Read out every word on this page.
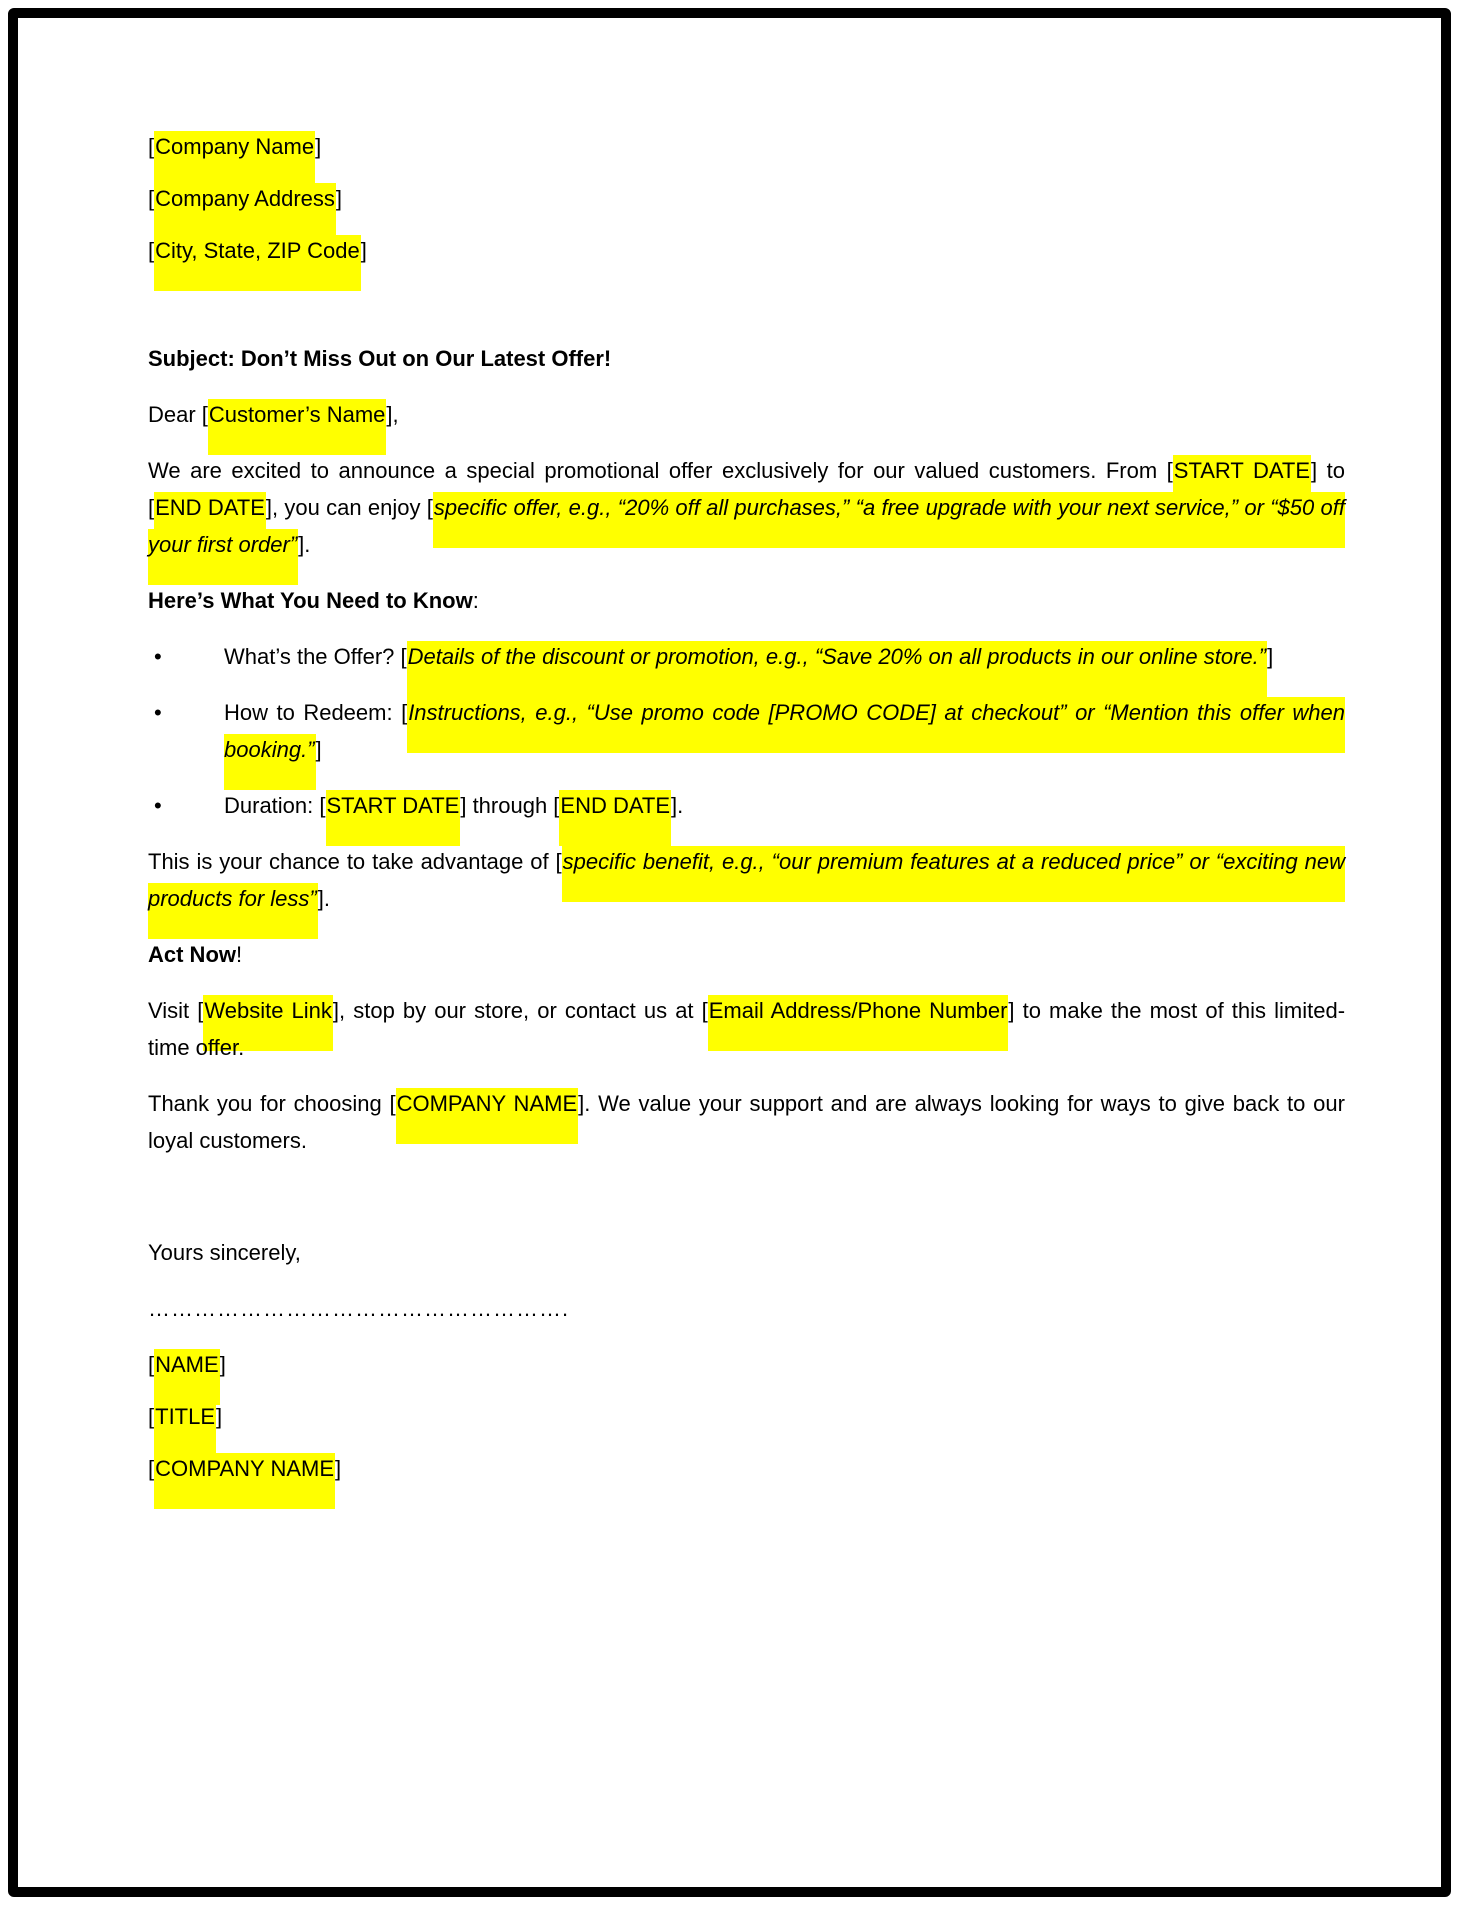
[Company Name]

[Company Address]

[City, State, ZIP Code]

Subject: Don’t Miss Out on Our Latest Offer!

Dear [Customer’s Name],

We are excited to announce a special promotional offer exclusively for our valued customers. From [START DATE] to [END DATE], you can enjoy [specific offer, e.g., “20% off all purchases,” “a free upgrade with your next service,” or “$50 off your first order”].

Here’s What You Need to Know:

• What’s the Offer? [Details of the discount or promotion, e.g., “Save 20% on all products in our online store.”]
• How to Redeem: [Instructions, e.g., “Use promo code [PROMO CODE] at checkout” or “Mention this offer when booking.”]
• Duration: [START DATE] through [END DATE].

This is your chance to take advantage of [specific benefit, e.g., “our premium features at a reduced price” or “exciting new products for less”].

Act Now!

Visit [Website Link], stop by our store, or contact us at [Email Address/Phone Number] to make the most of this limited-time offer.

Thank you for choosing [COMPANY NAME]. We value your support and are always looking for ways to give back to our loyal customers.

Yours sincerely,

……………………………………………….

[NAME]

[TITLE]

[COMPANY NAME]
